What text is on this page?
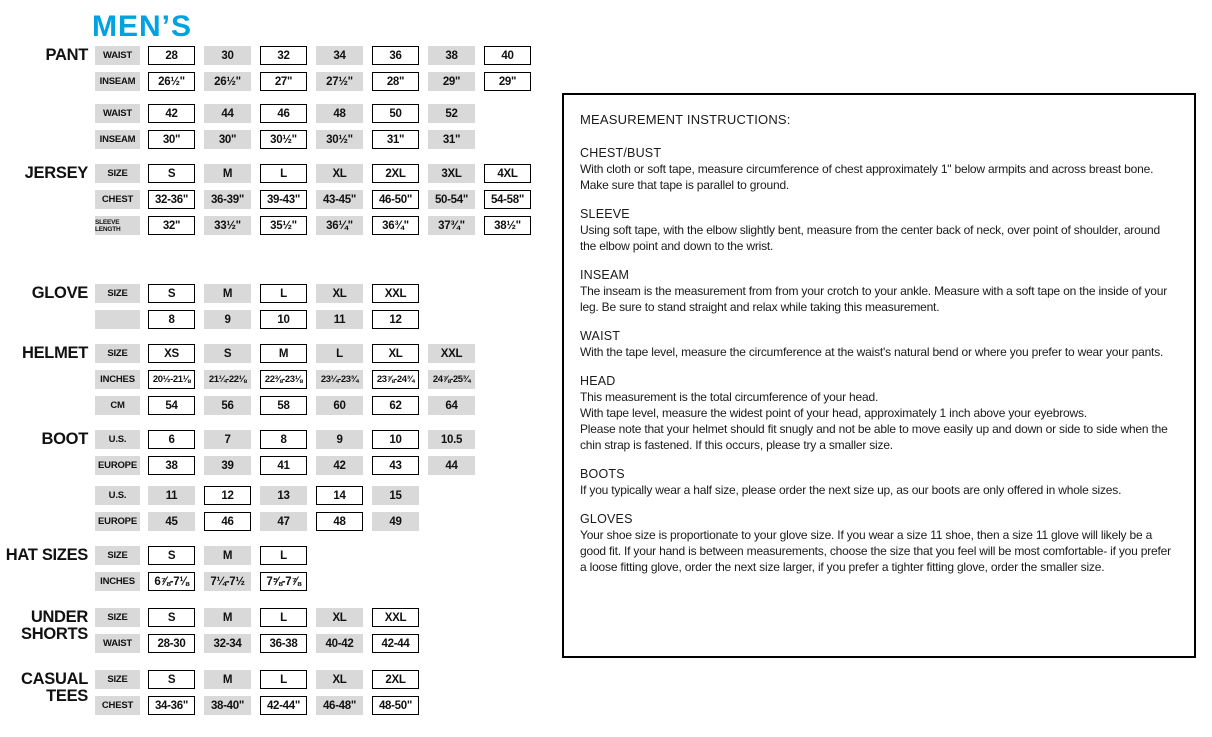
MEN’S
PANT	WAIST	28	30	32	34	36	38	40
INSEAM	26½"	26½"	27"	27½"	28"	29"	29"
WAIST	42	44	46	48	50	52
INSEAM	30"	30"	30½"	30½"	31"	31"
JERSEY	SIZE	S	M	L	XL	2XL	3XL	4XL
CHEST	32-36"	36-39"	39-43"	43-45"	46-50"	50-54"	54-58"
SLEEVE LENGTH	32"	33½"	35½"	36¼"	36¾"	37¾"	38½"
GLOVE	SIZE	S	M	L	XL	XXL
8	9	10	11	12
HELMET	SIZE	XS	S	M	L	XL	XXL
INCHES	20½-21⅛	21¼-22⅛	22⅜-23⅛	23¼-23¾	23⅞-24¾	24⅞-25¾
CM	54	56	58	60	62	64
BOOT	U.S.	6	7	8	9	10	10.5
EUROPE	38	39	41	42	43	44
U.S.	11	12	13	14	15
EUROPE	45	46	47	48	49
HAT SIZES	SIZE	S	M	L
INCHES	6⅞-7⅛	7¼-7½	7⅝-7⅞
UNDER
SHORTS
SIZE	S	M	L	XL	XXL
WAIST	28-30	32-34	36-38	40-42	42-44
CASUAL
TEES
SIZE	S	M	L	XL	2XL
CHEST	34-36"	38-40"	42-44"	46-48"	48-50"
MEASUREMENT INSTRUCTIONS:
CHEST/BUST
With cloth or soft tape, measure circumference of chest approximately 1" below armpits and across breast bone. Make sure that tape is parallel to ground.
SLEEVE
Using soft tape, with the elbow slightly bent, measure from the center back of neck, over point of shoulder, around the elbow point and down to the wrist.
INSEAM
The inseam is the measurement from from your crotch to your ankle. Measure with a soft tape on the inside of your leg. Be sure to stand straight and relax while taking this measurement.
WAIST
With the tape level, measure the circumference at the waist's natural bend or where you prefer to wear your pants.
HEAD
This measurement is the total circumference of your head.
With tape level, measure the widest point of your head, approximately 1 inch above your eyebrows.
Please note that your helmet should fit snugly and not be able to move easily up and down or side to side when the chin strap is fastened. If this occurs, please try a smaller size.
BOOTS
If you typically wear a half size, please order the next size up, as our boots are only offered in whole sizes.
GLOVES
Your shoe size is proportionate to your glove size. If you wear a size 11 shoe, then a size 11 glove will likely be a good fit. If your hand is between measurements, choose the size that you feel will be most comfortable- if you prefer a loose fitting glove, order the next size larger, if you prefer a tighter fitting glove, order the smaller size.
